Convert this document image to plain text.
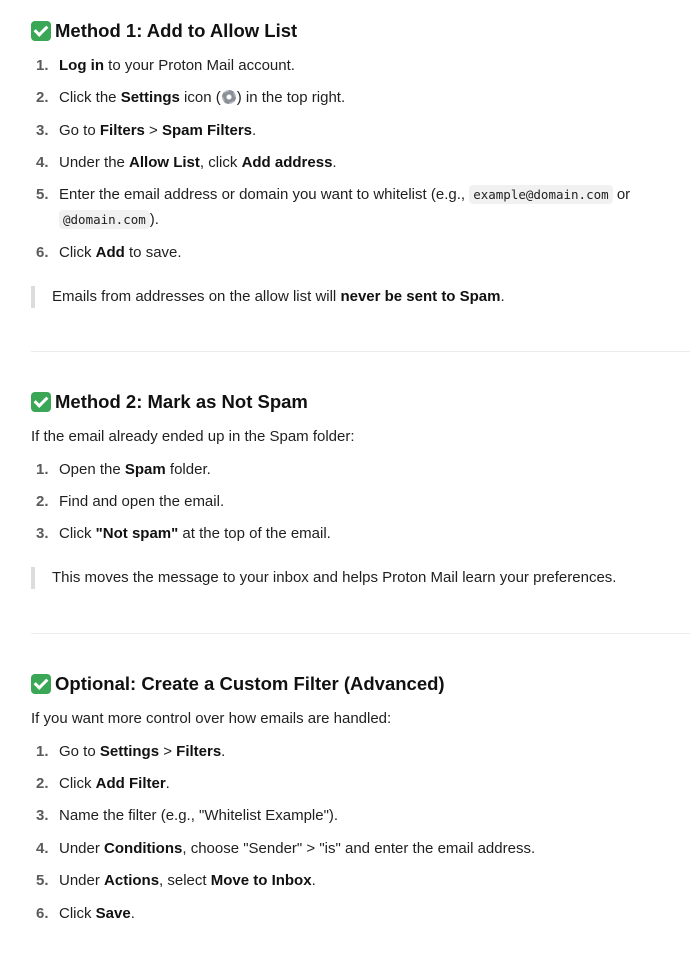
Method 1: Add to Allow List
1. Log in to your Proton Mail account.
2. Click the Settings icon ( ) in the top right.
3. Go to Filters > Spam Filters.
4. Under the Allow List, click Add address.
5. Enter the email address or domain you want to whitelist (e.g., example@domain.com or
@domain.com ).
6. Click Add to save.
Emails from addresses on the allow list will never be sent to Spam.
Method 2: Mark as Not Spam
If the email already ended up in the Spam folder:
1. Open the Spam folder.
2. Find and open the email.
3. Click "Not spam" at the top of the email.
This moves the message to your inbox and helps Proton Mail learn your preferences.
Optional: Create a Custom Filter (Advanced)
If you want more control over how emails are handled:
1. Go to Settings > Filters.
2. Click Add Filter.
3. Name the filter (e.g., "Whitelist Example").
4. Under Conditions, choose "Sender" > "is" and enter the email address.
5. Under Actions, select Move to Inbox.
6. Click Save.
